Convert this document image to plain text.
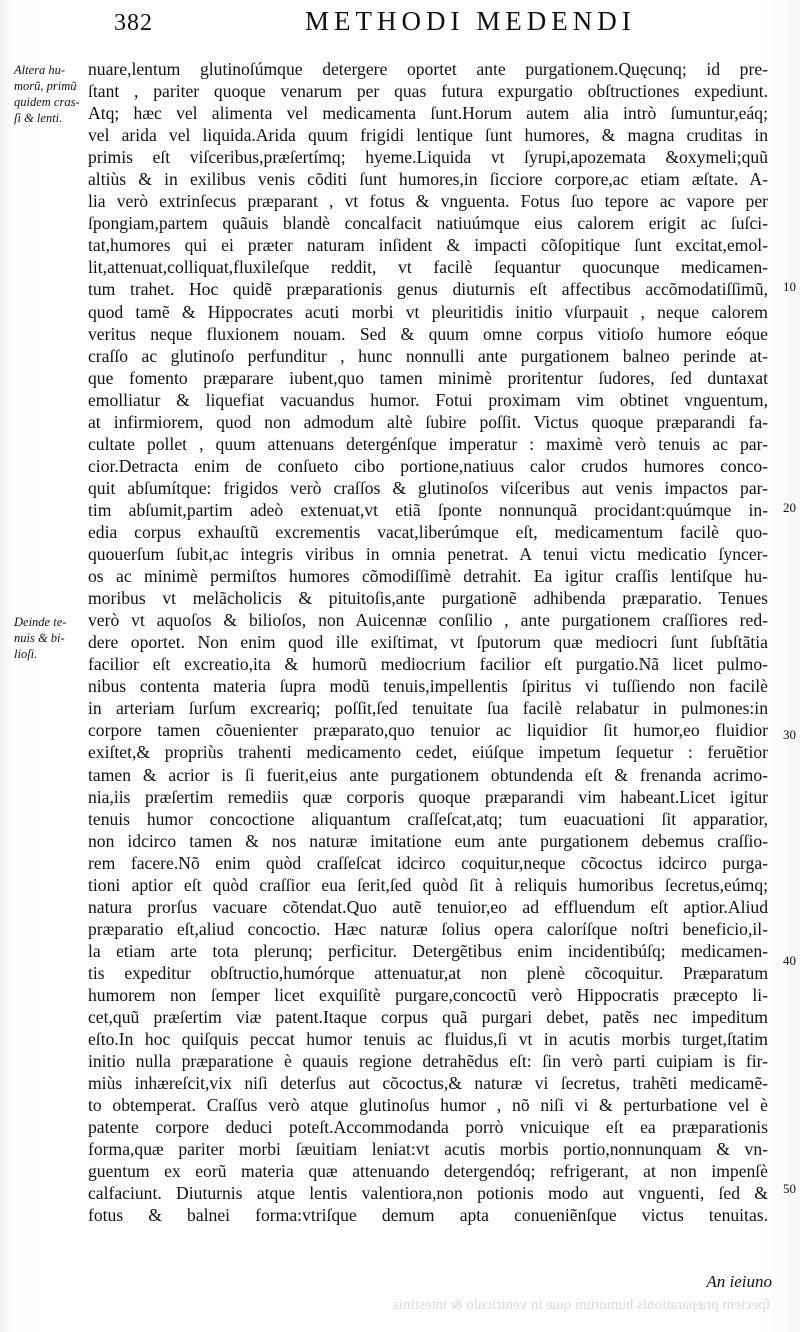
382	METHODI MEDENDI
Altera hu-
morũ, primũ
quidem cras-
ſi & lenti.
Deinde te-
nuis & bi-
lioſi.
10
20
30
40
50
nuare,lentum glutinoſúmque detergere oportet ante purgationem.Quęcunq; id pre-
ſtant , pariter quoque venarum per quas futura expurgatio obſtructiones expediunt.
Atq; hæc vel alimenta vel medicamenta ſunt.Horum autem alia intrò ſumuntur,eáq;
vel arida vel liquida.Arida quum frigidi lentique ſunt humores, & magna cruditas in
primis eſt viſceribus,præſertímq; hyeme.Liquida vt ſyrupi,apozemata &oxymeli;quũ
altiùs & in exilibus venis cõditi ſunt humores,in ſicciore corpore,ac etiam æſtate. A-
lia verò extrinſecus præparant , vt fotus & vnguenta. Fotus ſuo tepore ac vapore per
ſpongiam,partem quãuis blandè concalfacit natiuúmque eius calorem erigit ac ſuſci-
tat,humores qui ei præter naturam inſident & impacti cõſopitique ſunt excitat,emol-
lit,attenuat,colliquat,fluxileſque reddit, vt facilè ſequantur quocunque medicamen-
tum trahet. Hoc quidẽ præparationis genus diuturnis eſt affectibus accõmodatiſſimũ,
quod tamẽ & Hippocrates acuti morbi vt pleuritidis initio vſurpauit , neque calorem
veritus neque fluxionem nouam. Sed & quum omne corpus vitioſo humore eóque
craſſo ac glutinoſo perfunditur , hunc nonnulli ante purgationem balneo perinde at-
que fomento præparare iubent,quo tamen minimè proritentur ſudores, ſed duntaxat
emolliatur & liquefiat vacuandus humor. Fotui proximam vim obtinet vnguentum,
at infirmiorem, quod non admodum altè ſubire poſſit. Victus quoque præparandi fa-
cultate pollet , quum attenuans detergénſque imperatur : maximè verò tenuis ac par-
cior.Detracta enim de conſueto cibo portione,natiuus calor crudos humores conco-
quit abſumítque: frigidos verò craſſos & glutinoſos viſceribus aut venis impactos par-
tim abſumit,partim adeò extenuat,vt etiã ſponte nonnunquã procidant:quúmque in-
edia corpus exhauſtũ excrementis vacat,liberúmque eſt, medicamentum facilè quo-
quouerſum ſubit,ac integris viribus in omnia penetrat. A tenui victu medicatio ſyncer-
os ac minimè permiſtos humores cõmodiſſimè detrahit. Ea igitur craſſis lentiſque hu-
moribus vt melãcholicis & pituitoſis,ante purgationẽ adhibenda præparatio. Tenues
verò vt aquoſos & bilioſos, non Auicennæ conſilio , ante purgationem craſſiores red-
dere oportet. Non enim quod ille exiſtimat, vt ſputorum quæ mediocri ſunt ſubſtãtia
facilior eſt excreatio,ita & humorũ mediocrium facilior eſt purgatio.Nã licet pulmo-
nibus contenta materia ſupra modũ tenuis,impellentis ſpiritus vi tuſſiendo non facilè
in arteriam ſurſum excreariq; poſſit,ſed tenuitate ſua facilè relabatur in pulmones:in
corpore tamen cõuenienter præparato,quo tenuior ac liquidior ſit humor,eo fluidior
exiſtet,& propriùs trahenti medicamento cedet, eiúſque impetum ſequetur : feruẽtior
tamen & acrior is ſi fuerit,eius ante purgationem obtundenda eſt & frenanda acrimo-
nia,iis præſertim remediis quæ corporis quoque præparandi vim habeant.Licet igitur
tenuis humor concoctione aliquantum craſſeſcat,atq; tum euacuationi ſit apparatior,
non idcirco tamen & nos naturæ imitatione eum ante purgationem debemus craſſio-
rem facere.Nõ enim quòd craſſeſcat idcirco coquitur,neque cõcoctus idcirco purga-
tioni aptior eſt quòd craſſior eua ſerit,ſed quòd ſit à reliquis humoribus ſecretus,eúmq;
natura prorſus vacuare cõtendat.Quo autẽ tenuior,eo ad effluendum eſt aptior.Aliud
præparatio eſt,aliud concoctio. Hæc naturæ ſolius opera caloríſque noſtri beneficio,il-
la etiam arte tota plerunq; perficitur. Detergẽtibus enim incidentibúſq; medicamen-
tis expeditur obſtructio,humórque attenuatur,at non plenè cõcoquitur. Præparatum
humorem non ſemper licet exquiſitè purgare,concoctũ verò Hippocratis præcepto li-
cet,quũ præſertim viæ patent.Itaque corpus quã purgari debet, patẽs nec impeditum
eſto.In hoc quiſquis peccat humor tenuis ac fluidus,ſi vt in acutis morbis turget,ſtatim
initio nulla præparatione è quauis regione detrahẽdus eſt: ſin verò parti cuipiam is fir-
miùs inhæreſcit,vix niſi deterſus aut cõcoctus,& naturæ vi ſecretus, trahẽti medicamẽ-
to obtemperat. Craſſus verò atque glutinoſus humor , nõ niſi vi & perturbatione vel è
patente corpore deduci poteſt.Accommodanda porrò vnicuique eſt ea præparationis
forma,quæ pariter morbi ſæuitiam leniat:vt acutis morbis portio,nonnunquam & vn-
guentum ex eorũ materia quæ attenuando detergendóq; refrigerant, at non impenſè
calfaciunt. Diuturnis atque lentis valentiora,non potionis modo aut vnguenti, ſed &
fotus & balnei forma:vtriſque demum apta conueniẽnſque victus tenuitas.
An ieiuno
ſpeciem præparationis humorum quæ in ventriculo & intestinis
